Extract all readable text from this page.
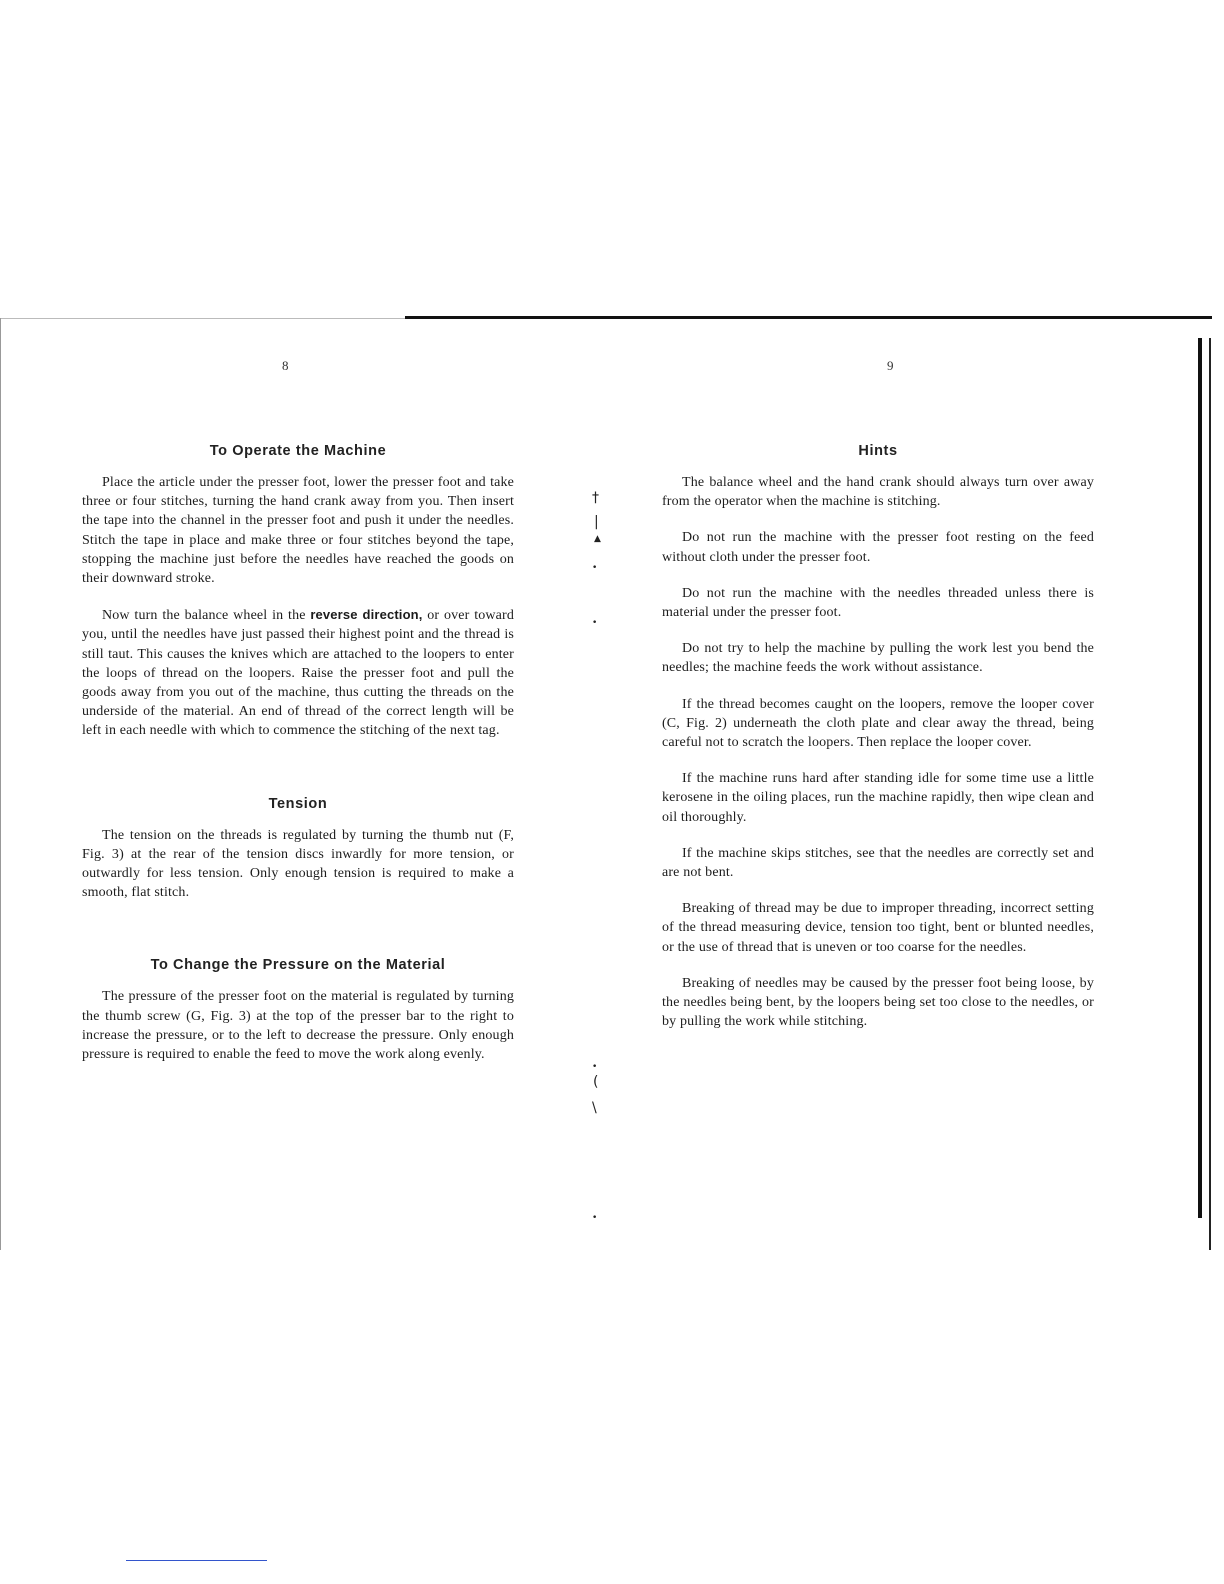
†
|
▲
•
•
•
(
\
•
8	9
To Operate the Machine

Place the article under the presser foot, lower the presser foot and take three or four stitches, turning the hand crank away from you. Then insert the tape into the channel in the presser foot and push it under the needles. Stitch the tape in place and make three or four stitches beyond the tape, stopping the machine just before the needles have reached the goods on their downward stroke.

Now turn the balance wheel in the reverse direction, or over toward you, until the needles have just passed their highest point and the thread is still taut. This causes the knives which are attached to the loopers to enter the loops of thread on the loopers. Raise the presser foot and pull the goods away from you out of the machine, thus cutting the threads on the underside of the material. An end of thread of the correct length will be left in each needle with which to commence the stitching of the next tag.

Tension

The tension on the threads is regulated by turning the thumb nut (F, Fig. 3) at the rear of the tension discs inwardly for more tension, or outwardly for less tension. Only enough tension is required to make a smooth, flat stitch.

To Change the Pressure on the Material

The pressure of the presser foot on the material is regulated by turning the thumb screw (G, Fig. 3) at the top of the presser bar to the right to increase the pressure, or to the left to decrease the pressure. Only enough pressure is required to enable the feed to move the work along evenly.

Hints

The balance wheel and the hand crank should always turn over away from the operator when the machine is stitching.

Do not run the machine with the presser foot resting on the feed without cloth under the presser foot.

Do not run the machine with the needles threaded unless there is material under the presser foot.

Do not try to help the machine by pulling the work lest you bend the needles; the machine feeds the work without assistance.

If the thread becomes caught on the loopers, remove the looper cover (C, Fig. 2) underneath the cloth plate and clear away the thread, being careful not to scratch the loopers. Then replace the looper cover.

If the machine runs hard after standing idle for some time use a little kerosene in the oiling places, run the machine rapidly, then wipe clean and oil thoroughly.

If the machine skips stitches, see that the needles are correctly set and are not bent.

Breaking of thread may be due to improper threading, incorrect setting of the thread measuring device, tension too tight, bent or blunted needles, or the use of thread that is uneven or too coarse for the needles.

Breaking of needles may be caused by the presser foot being loose, by the needles being bent, by the loopers being set too close to the needles, or by pulling the work while stitching.
